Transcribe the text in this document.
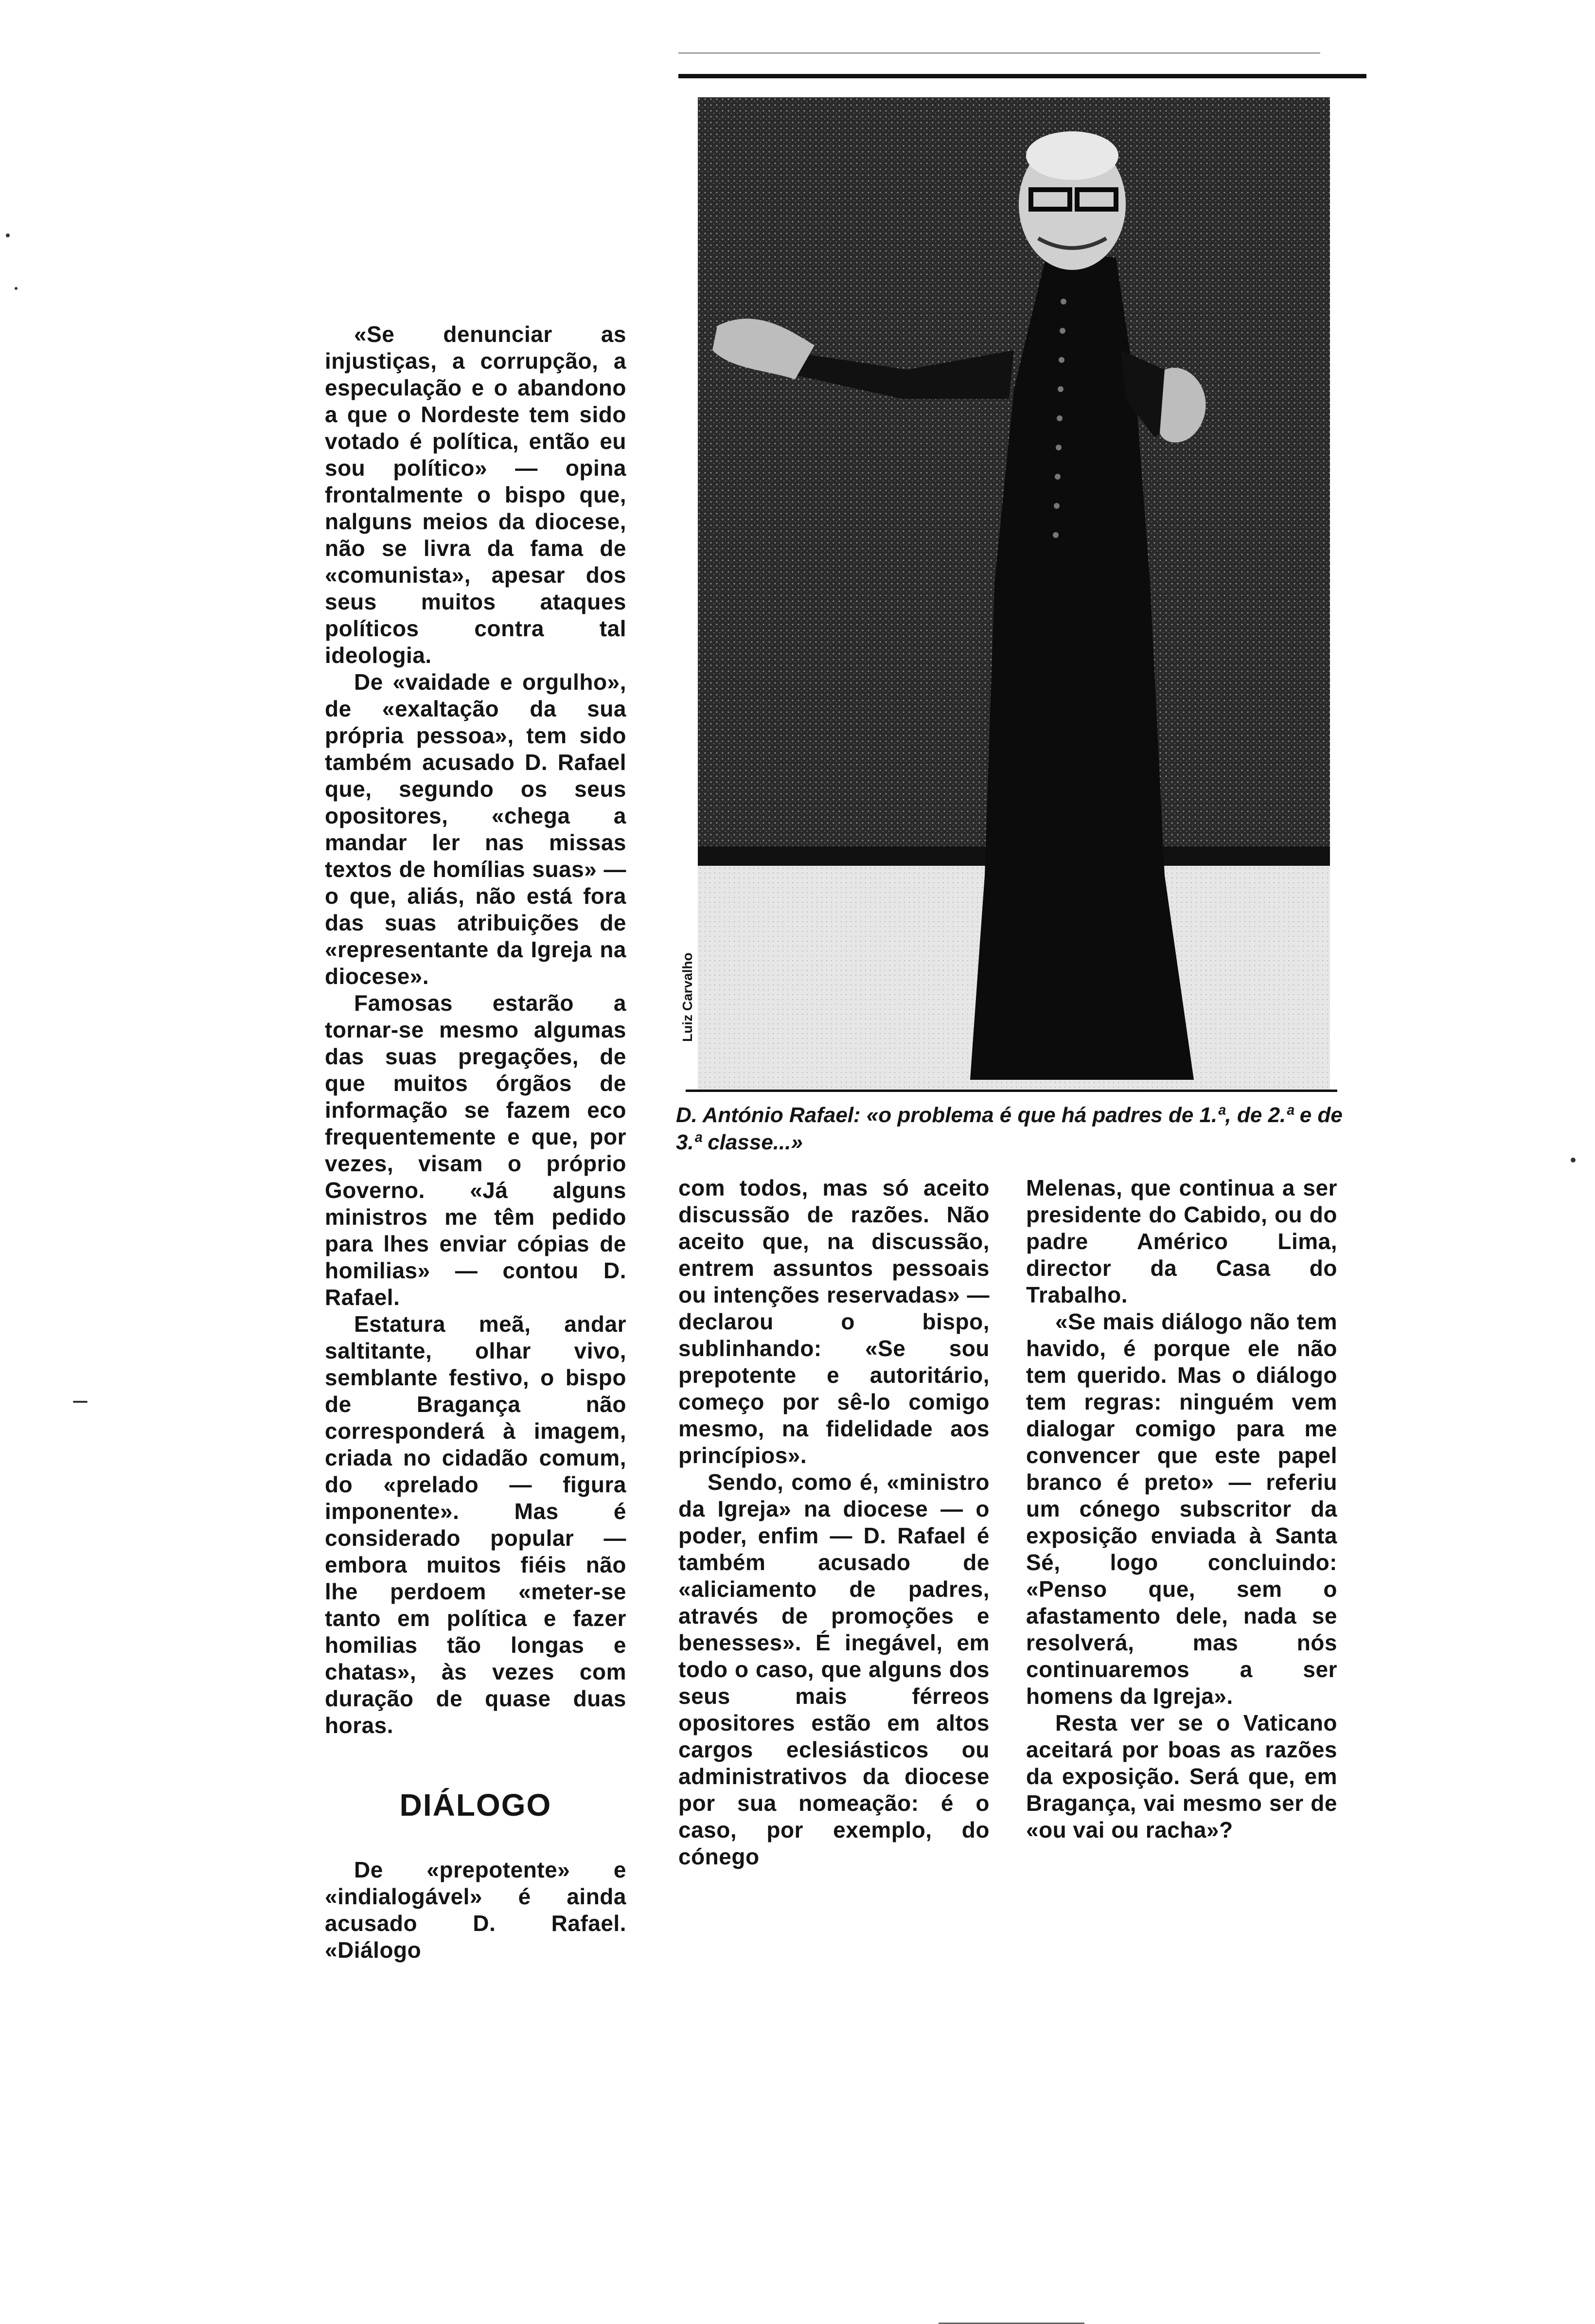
«Se denunciar as injustiças, a corrupção, a especulação e o abandono a que o Nordeste tem sido votado é política, então eu sou político» — opina frontalmente o bispo que, nalguns meios da diocese, não se livra da fama de «comunista», apesar dos seus muitos ataques políticos contra tal ideologia.

De «vaidade e orgulho», de «exaltação da sua própria pessoa», tem sido também acusado D. Rafael que, segundo os seus opositores, «chega a mandar ler nas missas textos de homílias suas» — o que, aliás, não está fora das suas atribuições de «representante da Igreja na diocese».

Famosas estarão a tornar-se mesmo algumas das suas pregações, de que muitos órgãos de informação se fazem eco frequentemente e que, por vezes, visam o próprio Governo. «Já alguns ministros me têm pedido para lhes enviar cópias de homilias» — contou D. Rafael.

Estatura meã, andar saltitante, olhar vivo, semblante festivo, o bispo de Bragança não corresponderá à imagem, criada no cidadão comum, do «prelado — figura imponente». Mas é considerado popular — embora muitos fiéis não lhe perdoem «meter-se tanto em política e fazer homilias tão longas e chatas», às vezes com duração de quase duas horas.

DIÁLOGO

De «prepotente» e «indialogável» é ainda acusado D. Rafael. «Diálogo

Luiz Carvalho
D. António Rafael: «o problema é que há padres de 1.ª, de 2.ª e de 3.ª classe...»

com todos, mas só aceito discussão de razões. Não aceito que, na discussão, entrem assuntos pessoais ou intenções reservadas» — declarou o bispo, sublinhando: «Se sou prepotente e autoritário, começo por sê-lo comigo mesmo, na fidelidade aos princípios».

Sendo, como é, «ministro da Igreja» na diocese — o poder, enfim — D. Rafael é também acusado de «aliciamento de padres, através de promoções e benesses». É inegável, em todo o caso, que alguns dos seus mais férreos opositores estão em altos cargos eclesiásticos ou administrativos da diocese por sua nomeação: é o caso, por exemplo, do cónego

Melenas, que continua a ser presidente do Cabido, ou do padre Américo Lima, director da Casa do Trabalho.

«Se mais diálogo não tem havido, é porque ele não tem querido. Mas o diálogo tem regras: ninguém vem dialogar comigo para me convencer que este papel branco é preto» — referiu um cónego subscritor da exposição enviada à Santa Sé, logo concluindo: «Penso que, sem o afastamento dele, nada se resolverá, mas nós continuaremos a ser homens da Igreja».

Resta ver se o Vaticano aceitará por boas as razões da exposição. Será que, em Bragança, vai mesmo ser de «ou vai ou racha»?
